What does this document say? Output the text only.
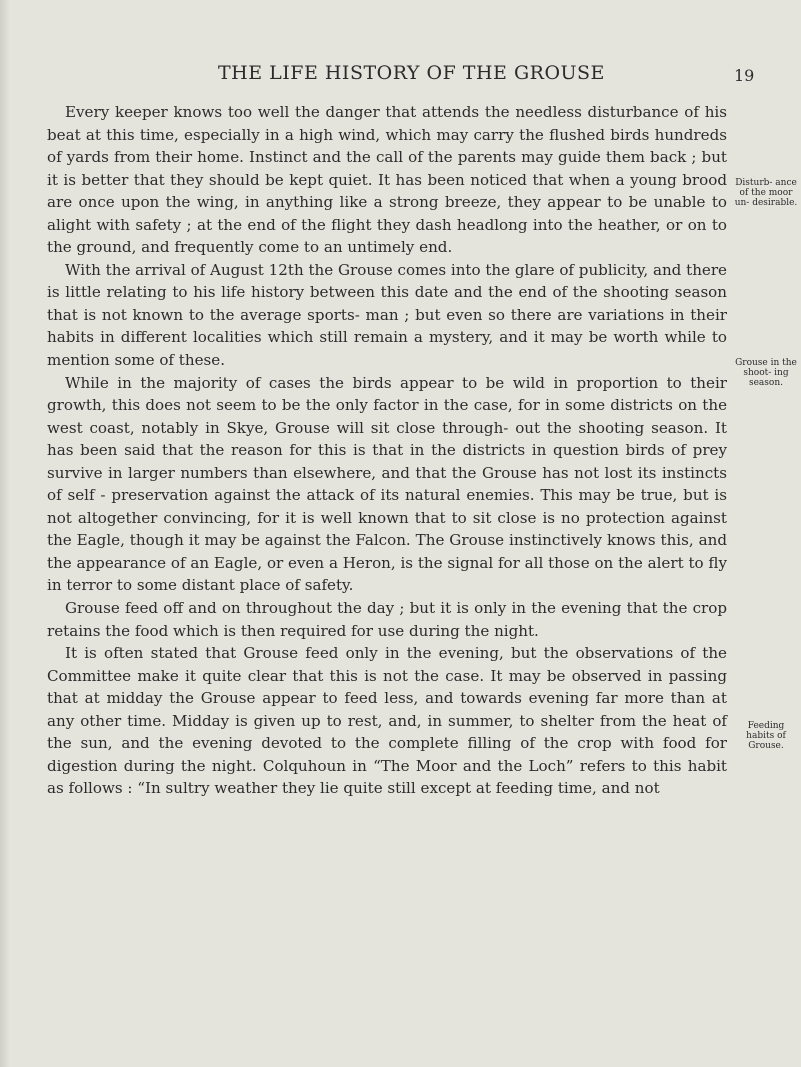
THE LIFE HISTORY OF THE GROUSE	19

Every keeper knows too well the danger that attends the needless disturbance of his beat at this time, especially in a high wind, which may carry the flushed birds hundreds of yards from their home. Instinct and the call of the parents may guide them back ; but it is better that they should be kept quiet. It has been noticed that when a young brood are once upon the wing, in anything like a strong breeze, they appear to be unable to alight with safety ; at the end of the flight they dash headlong into the heather, or on to the ground, and frequently come to an untimely end.

With the arrival of August 12th the Grouse comes into the glare of publicity, and there is little relating to his life history between this date and the end of the shooting season that is not known to the average sports- man ; but even so there are variations in their habits in different localities which still remain a mystery, and it may be worth while to mention some of these.

While in the majority of cases the birds appear to be wild in proportion to their growth, this does not seem to be the only factor in the case, for in some districts on the west coast, notably in Skye, Grouse will sit close through- out the shooting season. It has been said that the reason for this is that in the districts in question birds of prey survive in larger numbers than elsewhere, and that the Grouse has not lost its instincts of self - preservation against the attack of its natural enemies. This may be true, but is not altogether convincing, for it is well known that to sit close is no protection against the Eagle, though it may be against the Falcon. The Grouse instinctively knows this, and the appearance of an Eagle, or even a Heron, is the signal for all those on the alert to fly in terror to some distant place of safety.

Grouse feed off and on throughout the day ; but it is only in the evening that the crop retains the food which is then required for use during the night.

It is often stated that Grouse feed only in the evening, but the observations of the Committee make it quite clear that this is not the case. It may be observed in passing that at midday the Grouse appear to feed less, and towards evening far more than at any other time. Midday is given up to rest, and, in summer, to shelter from the heat of the sun, and the evening devoted to the complete filling of the crop with food for digestion during the night. Colquhoun in “The Moor and the Loch” refers to this habit as follows : “In sultry weather they lie quite still except at feeding time, and not

Disturb- ance of the moor un- desirable.
Grouse in the shoot- ing season.
Feeding habits of Grouse.
